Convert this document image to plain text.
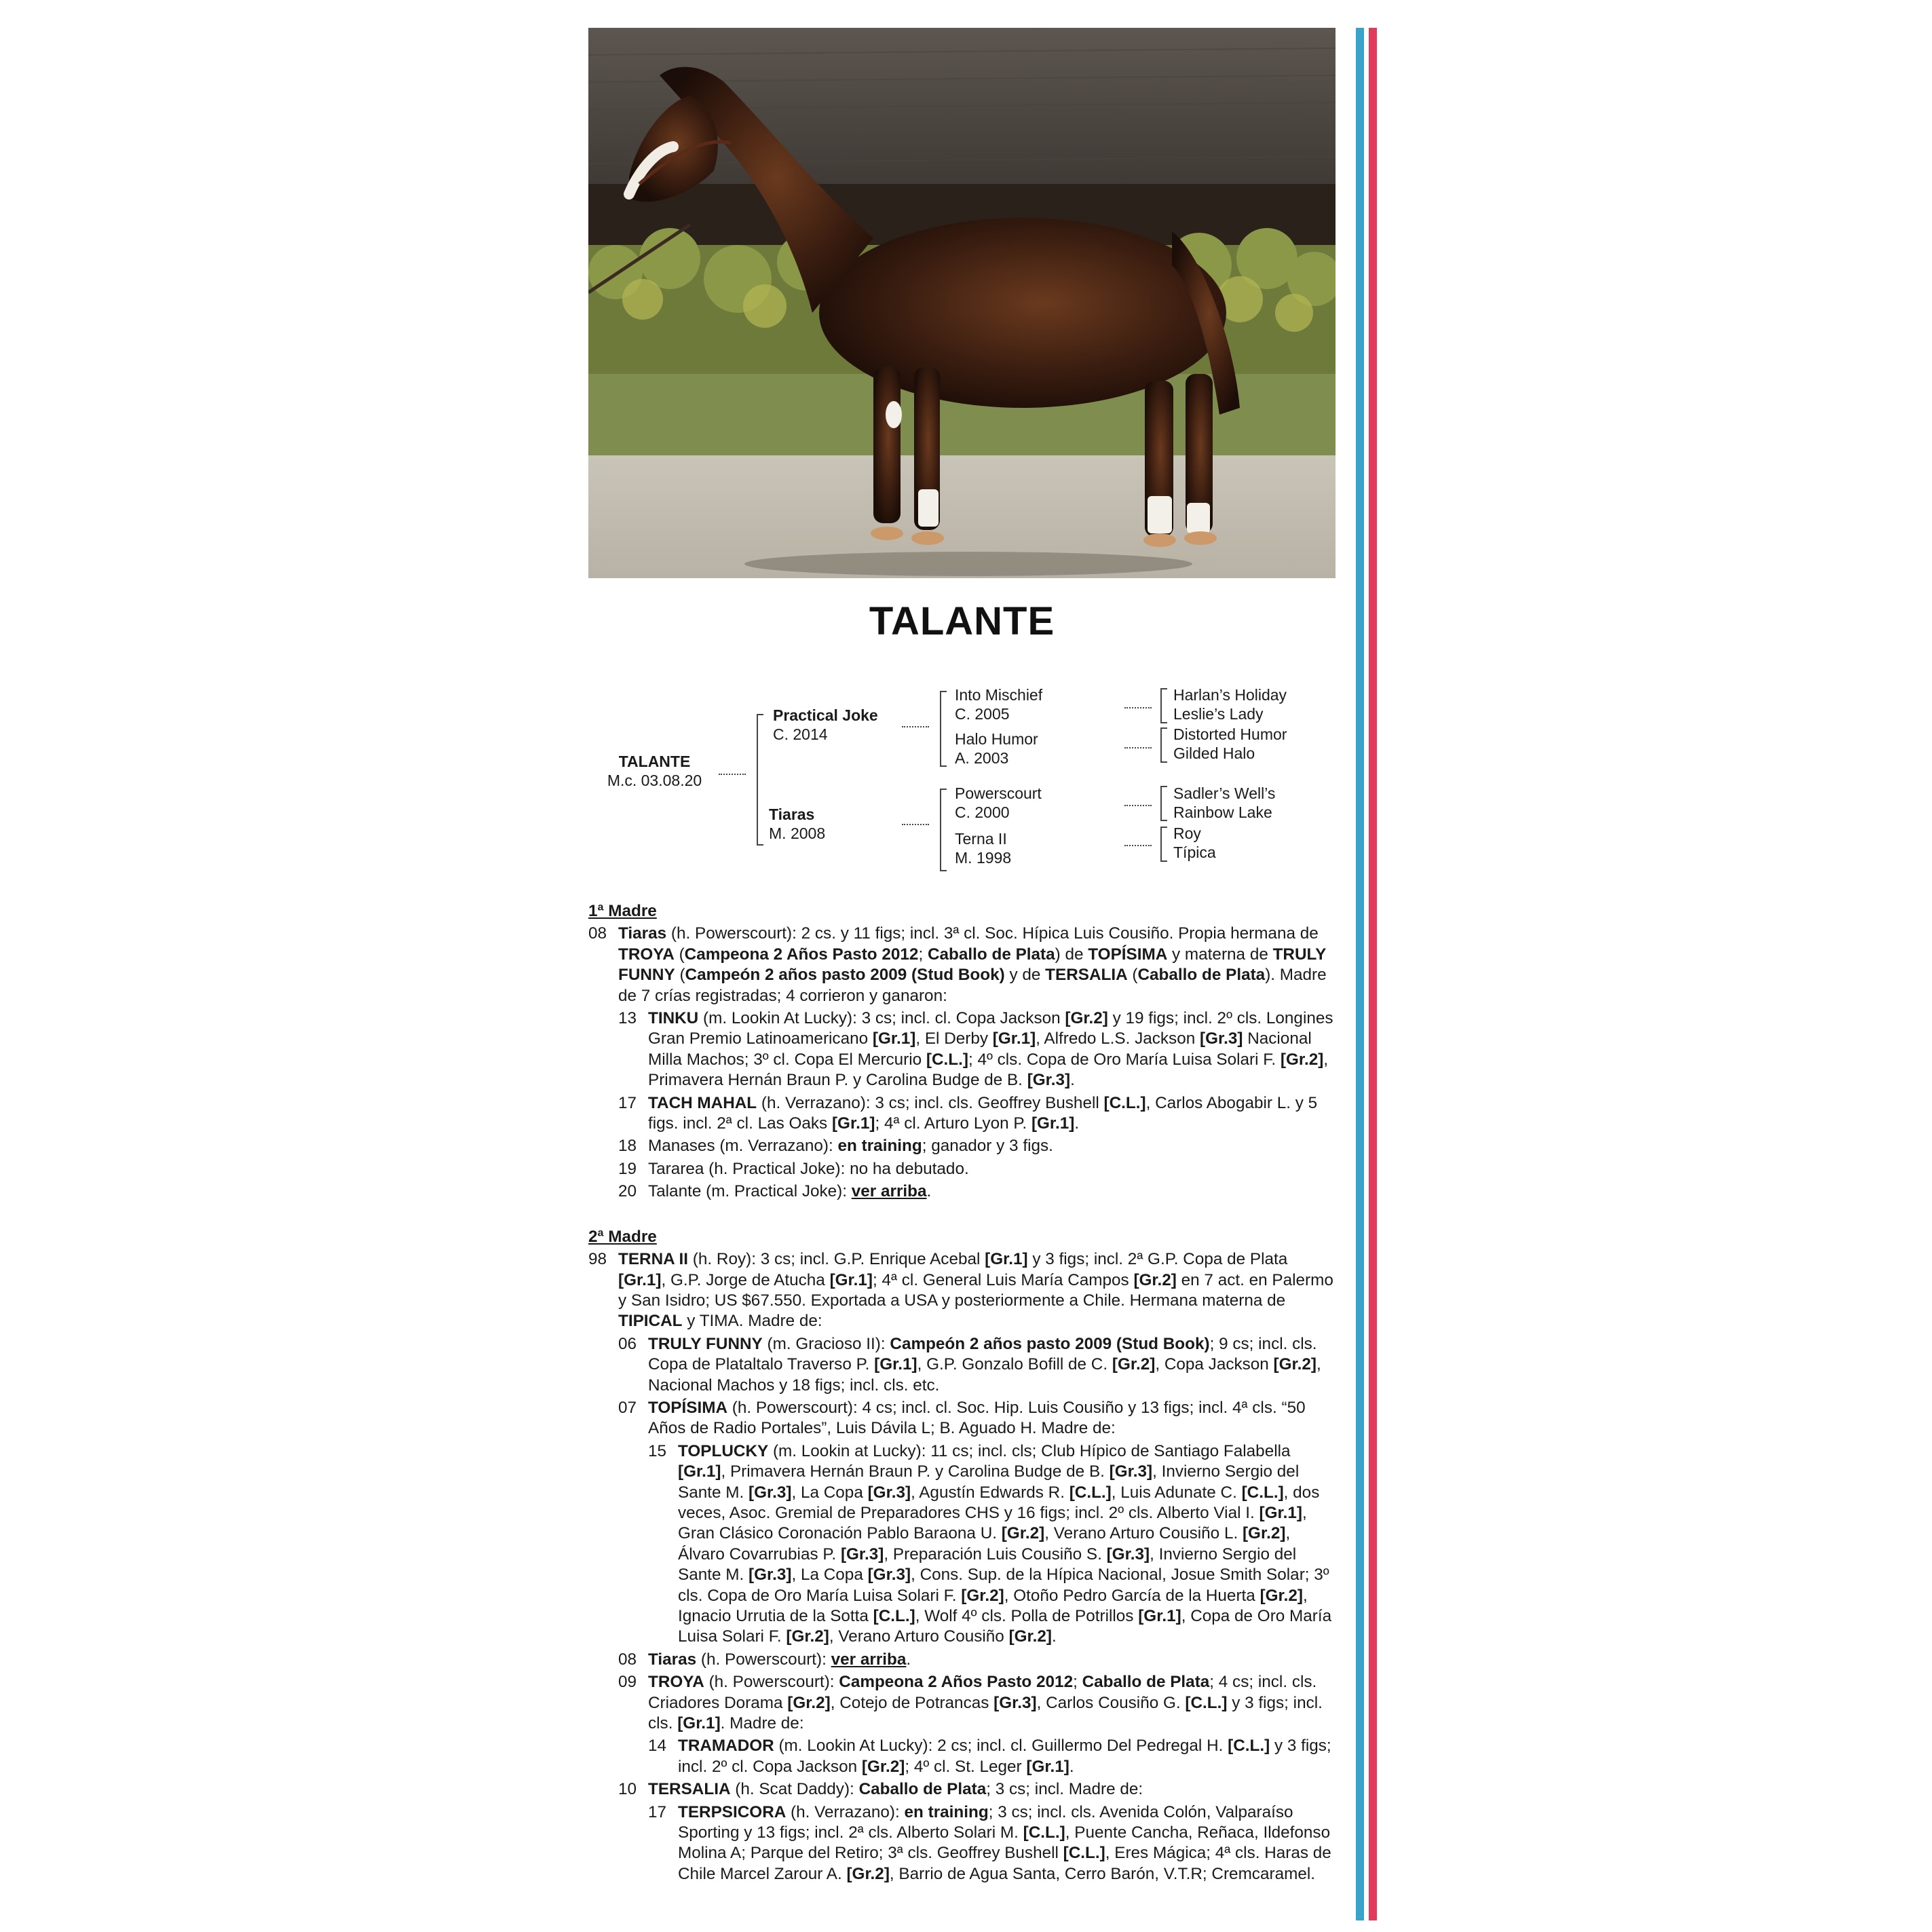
TALANTE
TALANTE
M.c. 03.08.20
Practical Joke
C. 2014
Tiaras
M. 2008
Into Mischief
C. 2005
Halo Humor
A. 2003
Powerscourt
C. 2000
Terna II
M. 1998
Harlan’s Holiday
Leslie’s Lady
Distorted Humor
Gilded Halo
Sadler’s Well’s
Rainbow Lake
Roy
Típica
1ª Madre
08 Tiaras (h. Powerscourt): 2 cs. y 11 figs; incl. 3ª cl. Soc. Hípica Luis Cousiño. Propia hermana de TROYA (Campeona 2 Años Pasto 2012; Caballo de Plata) de TOPÍSIMA y materna de TRULY FUNNY (Campeón 2 años pasto 2009 (Stud Book) y de TERSALIA (Caballo de Plata). Madre de 7 crías registradas; 4 corrieron y ganaron:
13 TINKU (m. Lookin At Lucky): 3 cs; incl. cl. Copa Jackson [Gr.2] y 19 figs; incl. 2º cls. Longines Gran Premio Latinoamericano [Gr.1], El Derby [Gr.1], Alfredo L.S. Jackson [Gr.3] Nacional Milla Machos; 3º cl. Copa El Mercurio [C.L.]; 4º cls. Copa de Oro María Luisa Solari F. [Gr.2], Primavera Hernán Braun P. y Carolina Budge de B. [Gr.3].
17 TACH MAHAL (h. Verrazano): 3 cs; incl. cls. Geoffrey Bushell [C.L.], Carlos Abogabir L. y 5 figs. incl. 2ª cl. Las Oaks [Gr.1]; 4ª cl. Arturo Lyon P. [Gr.1].
18 Manases (m. Verrazano): en training; ganador y 3 figs.
19 Tararea (h. Practical Joke): no ha debutado.
20 Talante (m. Practical Joke): ver arriba.
2ª Madre
98 TERNA II (h. Roy): 3 cs; incl. G.P. Enrique Acebal [Gr.1] y 3 figs; incl. 2ª G.P. Copa de Plata [Gr.1], G.P. Jorge de Atucha [Gr.1]; 4ª cl. General Luis María Campos [Gr.2] en 7 act. en Palermo y San Isidro; US $67.550. Exportada a USA y posteriormente a Chile. Hermana materna de TIPICAL y TIMA. Madre de:
06 TRULY FUNNY (m. Gracioso II): Campeón 2 años pasto 2009 (Stud Book); 9 cs; incl. cls. Copa de Plataltalo Traverso P. [Gr.1], G.P. Gonzalo Bofill de C. [Gr.2], Copa Jackson [Gr.2], Nacional Machos y 18 figs; incl. cls. etc.
07 TOPÍSIMA (h. Powerscourt): 4 cs; incl. cl. Soc. Hip. Luis Cousiño y 13 figs; incl. 4ª cls. “50 Años de Radio Portales”, Luis Dávila L; B. Aguado H. Madre de:
15 TOPLUCKY (m. Lookin at Lucky): 11 cs; incl. cls; Club Hípico de Santiago Falabella [Gr.1], Primavera Hernán Braun P. y Carolina Budge de B. [Gr.3], Invierno Sergio del Sante M. [Gr.3], La Copa [Gr.3], Agustín Edwards R. [C.L.], Luis Adunate C. [C.L.], dos veces, Asoc. Gremial de Preparadores CHS y 16 figs; incl. 2º cls. Alberto Vial I. [Gr.1], Gran Clásico Coronación Pablo Baraona U. [Gr.2], Verano Arturo Cousiño L. [Gr.2], Álvaro Covarrubias P. [Gr.3], Preparación Luis Cousiño S. [Gr.3], Invierno Sergio del Sante M. [Gr.3], La Copa [Gr.3], Cons. Sup. de la Hípica Nacional, Josue Smith Solar; 3º cls. Copa de Oro María Luisa Solari F. [Gr.2], Otoño Pedro García de la Huerta [Gr.2], Ignacio Urrutia de la Sotta [C.L.], Wolf 4º cls. Polla de Potrillos [Gr.1], Copa de Oro María Luisa Solari F. [Gr.2], Verano Arturo Cousiño [Gr.2].
08 Tiaras (h. Powerscourt): ver arriba.
09 TROYA (h. Powerscourt): Campeona 2 Años Pasto 2012; Caballo de Plata; 4 cs; incl. cls. Criadores Dorama [Gr.2], Cotejo de Potrancas [Gr.3], Carlos Cousiño G. [C.L.] y 3 figs; incl. cls. [Gr.1]. Madre de:
14 TRAMADOR (m. Lookin At Lucky): 2 cs; incl. cl. Guillermo Del Pedregal H. [C.L.] y 3 figs; incl. 2º cl. Copa Jackson [Gr.2]; 4º cl. St. Leger [Gr.1].
10 TERSALIA (h. Scat Daddy): Caballo de Plata; 3 cs; incl. Madre de:
17 TERPSICORA (h. Verrazano): en training; 3 cs; incl. cls. Avenida Colón, Valparaíso Sporting y 13 figs; incl. 2ª cls. Alberto Solari M. [C.L.], Puente Cancha, Reñaca, Ildefonso Molina A; Parque del Retiro; 3ª cls. Geoffrey Bushell [C.L.], Eres Mágica; 4ª cls. Haras de Chile Marcel Zarour A. [Gr.2], Barrio de Agua Santa, Cerro Barón, V.T.R; Cremcaramel.
